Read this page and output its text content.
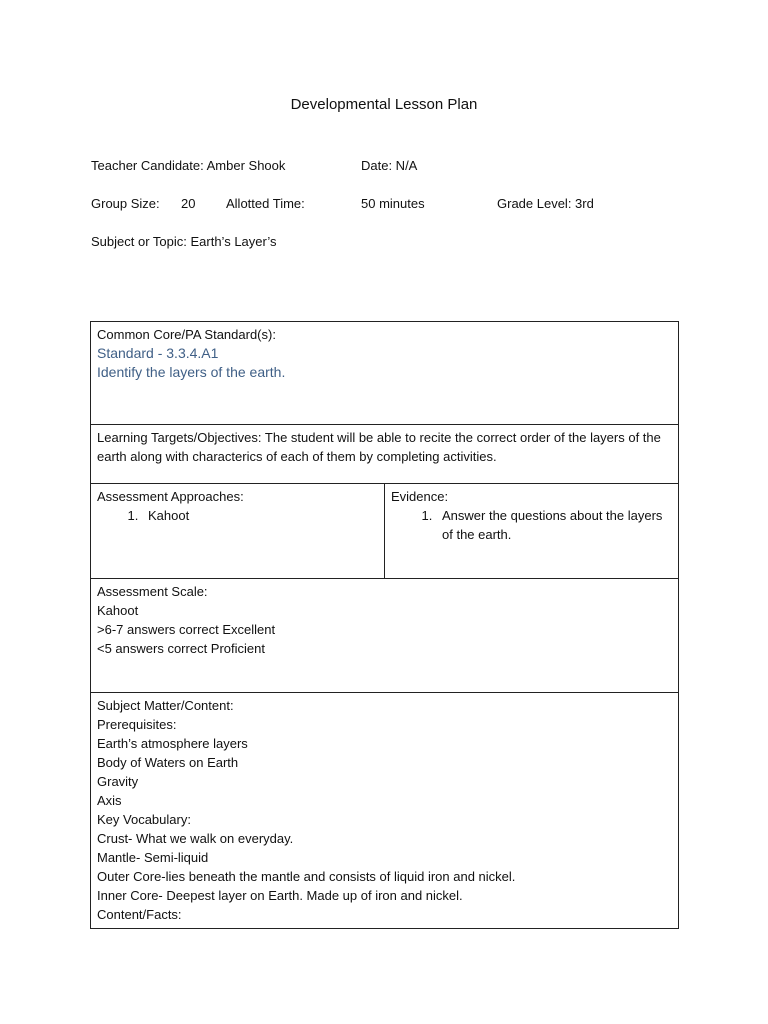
Developmental Lesson Plan
Teacher Candidate: Amber Shook	Date: N/A
Group Size: 20 Allotted Time:	50 minutes	Grade Level: 3rd
Subject or Topic: Earth’s Layer’s
Common Core/PA Standard(s):
Standard - 3.3.4.A1
Identify the layers of the earth.

Learning Targets/Objectives: The student will be able to recite the correct order of the layers of the earth along with characterics of each of them by completing activities.

Assessment Approaches:
1. Kahoot

Evidence:
1. Answer the questions about the layers of the earth.

Assessment Scale:
Kahoot
>6-7 answers correct Excellent
<5 answers correct Proficient

Subject Matter/Content:
Prerequisites:
Earth’s atmosphere layers
Body of Waters on Earth
Gravity
Axis
Key Vocabulary:
Crust- What we walk on everyday.
Mantle- Semi-liquid
Outer Core-lies beneath the mantle and consists of liquid iron and nickel.
Inner Core- Deepest layer on Earth. Made up of iron and nickel.
Content/Facts:
